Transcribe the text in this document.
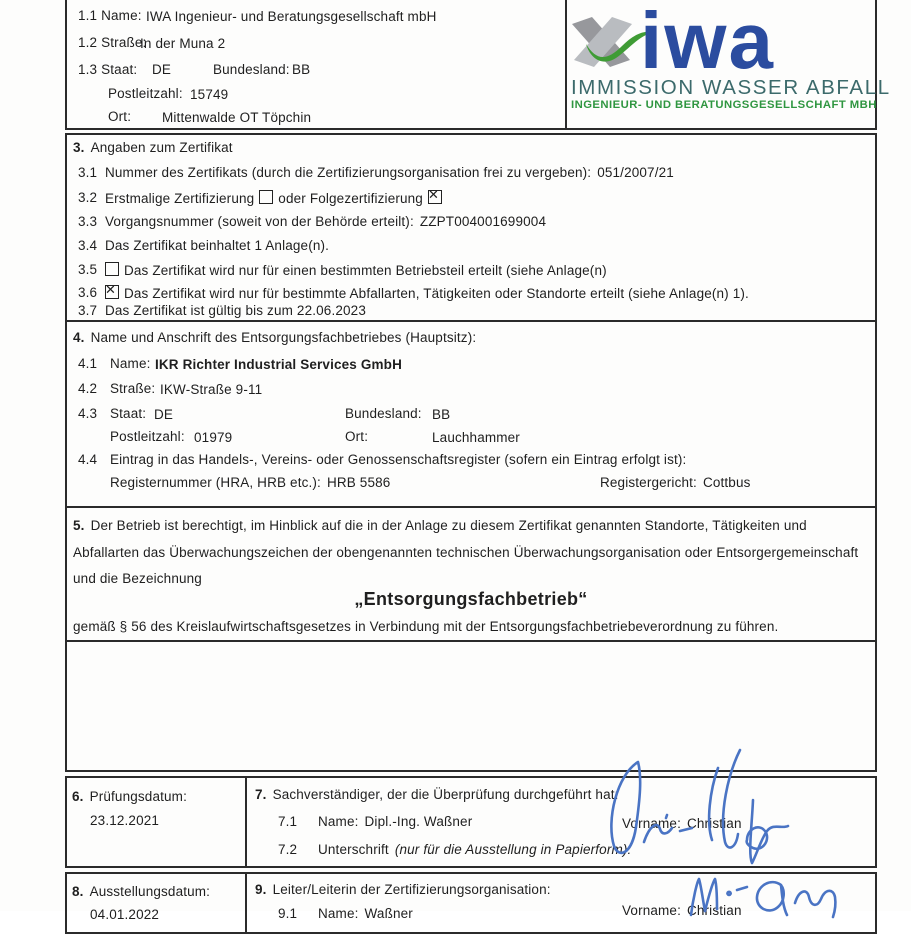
1.1 Name: IWA Ingenieur- und Beratungsgesellschaft mbH
1.2 Straße:
In der Muna 2
1.3 Staat: DE	Bundesland: BB
Postleitzahl: 15749
Ort: Mittenwalde OT Töpchin
iwa
IMMISSION WASSER ABFALL
INGENIEUR- UND BERATUNGSGESELLSCHAFT MBH
3. Angaben zum Zertifikat
3.1 Nummer des Zertifikats (durch die Zertifizierungsorganisation frei zu vergeben): 051/2007/21
3.2 Erstmalige Zertifizierung oder Folgezertifizierung✕
3.3 Vorgangsnummer (soweit von der Behörde erteilt): ZZPT004001699004
3.4 Das Zertifikat beinhaltet 1 Anlage(n).
3.5	Das Zertifikat wird nur für einen bestimmten Betriebsteil erteilt (siehe Anlage(n)
3.6 ✕	Das Zertifikat wird nur für bestimmte Abfallarten, Tätigkeiten oder Standorte erteilt (siehe Anlage(n) 1).
3.7 Das Zertifikat ist gültig bis zum 22.06.2023
4. Name und Anschrift des Entsorgungsfachbetriebes (Hauptsitz):
4.1 Name: IKR Richter Industrial Services GmbH
4.2 Straße: IKW-Straße 9-11
4.3 Staat: DE	Bundesland: BB
Postleitzahl: 01979	Ort:	Lauchhammer
4.4 Eintrag in das Handels-, Vereins- oder Genossenschaftsregister (sofern ein Eintrag erfolgt ist):
Registernummer (HRA, HRB etc.): HRB 5586	Registergericht: Cottbus
5. Der Betrieb ist berechtigt, im Hinblick auf die in der Anlage zu diesem Zertifikat genannten Standorte, Tätigkeiten und
Abfallarten das Überwachungszeichen der obengenannten technischen Überwachungsorganisation oder Entsorgergemeinschaft
und die Bezeichnung
„Entsorgungsfachbetrieb“
gemäß § 56 des Kreislaufwirtschaftsgesetzes in Verbindung mit der Entsorgungsfachbetriebeverordnung zu führen.
6. Prüfungsdatum:
23.12.2021
7. Sachverständiger, der die Überprüfung durchgeführt hat:
7.1 Name: Dipl.-Ing. Waßner	Vorname: Christian
7.2 Unterschrift (nur für die Ausstellung in Papierform):
8. Ausstellungsdatum:
04.01.2022
9. Leiter/Leiterin der Zertifizierungsorganisation:
9.1 Name: Waßner	Vorname: Christian
